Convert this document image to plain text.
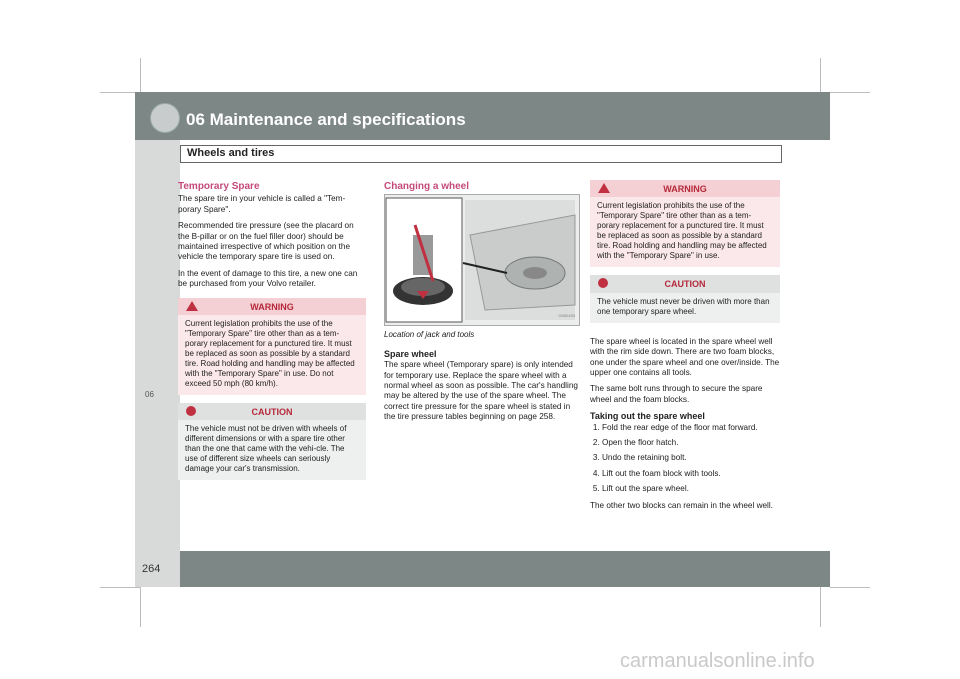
06 Maintenance and specifications
Wheels and tires
06
264
Temporary Spare

The spare tire in your vehicle is called a "Tem-porary Spare".

Recommended tire pressure (see the placard on the B-pillar or on the fuel filler door) should be maintained irrespective of which position on the vehicle the temporary spare tire is used on.

In the event of damage to this tire, a new one can be purchased from your Volvo retailer.

WARNING
Current legislation prohibits the use of the "Temporary Spare" tire other than as a tem-porary replacement for a punctured tire. It must be replaced as soon as possible by a standard tire. Road holding and handling may be affected with the "Temporary Spare" in use. Do not exceed 50 mph (80 km/h).
CAUTION
The vehicle must not be driven with wheels of different dimensions or with a spare tire other than the one that came with the vehi-cle. The use of different size wheels can seriously damage your car's transmission.
Changing a wheel
G000193
Location of jack and tools
Spare wheel

The spare wheel (Temporary spare) is only intended for temporary use. Replace the spare wheel with a normal wheel as soon as possible. The car's handling may be altered by the use of the spare wheel. The correct tire pressure for the spare wheel is stated in the tire pressure tables beginning on page 258.

WARNING
Current legislation prohibits the use of the "Temporary Spare" tire other than as a tem-porary replacement for a punctured tire. It must be replaced as soon as possible by a standard tire. Road holding and handling may be affected with the "Temporary Spare" in use.
CAUTION
The vehicle must never be driven with more than one temporary spare wheel.

The spare wheel is located in the spare wheel well with the rim side down. There are two foam blocks, one under the spare wheel and one over/inside. The upper one contains all tools.

The same bolt runs through to secure the spare wheel and the foam blocks.

Taking out the spare wheel
1. Fold the rear edge of the floor mat forward.
2. Open the floor hatch.
3. Undo the retaining bolt.
4. Lift out the foam block with tools.
5. Lift out the spare wheel.

The other two blocks can remain in the wheel well.

carmanualsonline.info
